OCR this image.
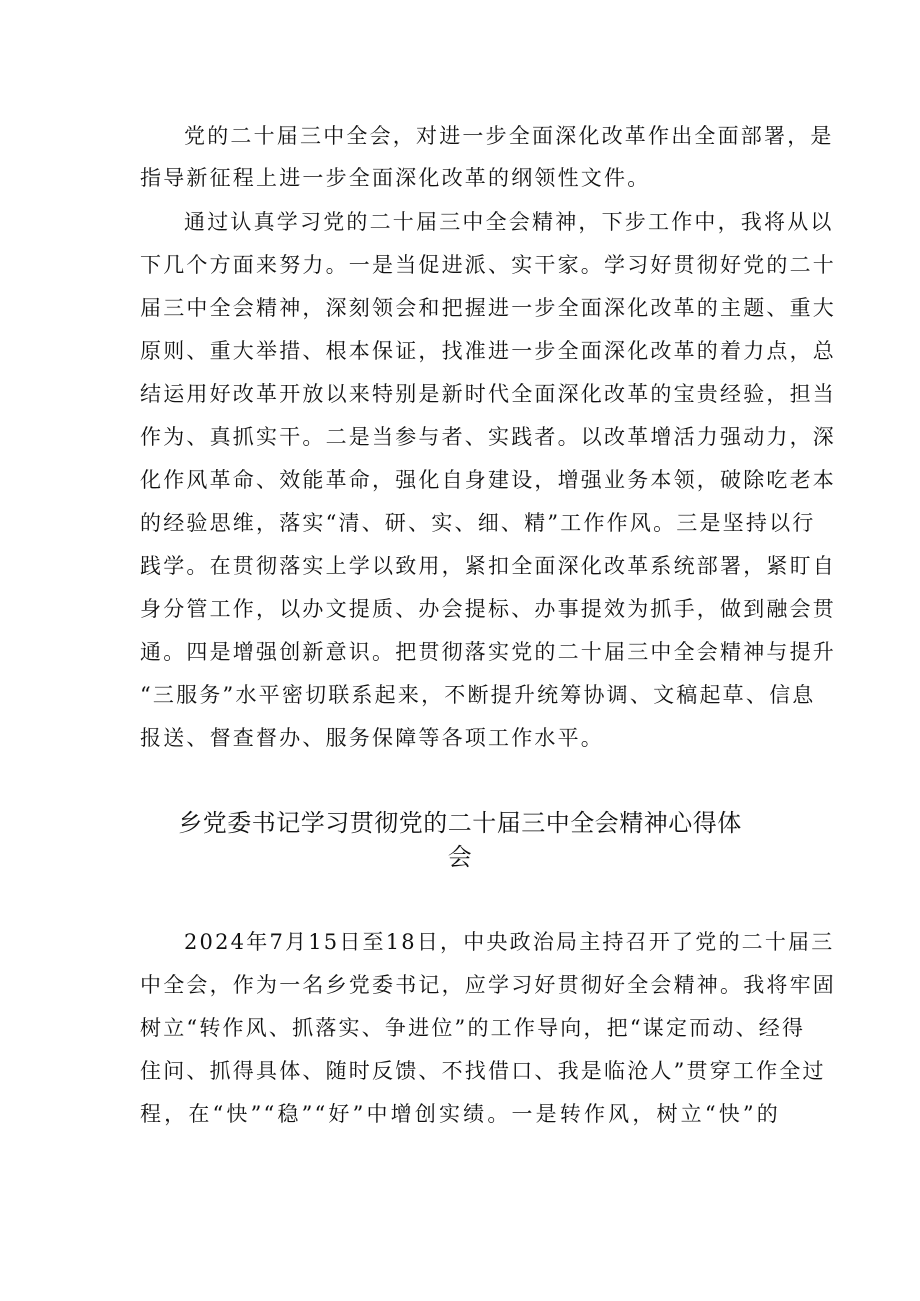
党的二十届三中全会，对进一步全面深化改革作出全面部署，是
指导新征程上进一步全面深化改革的纲领性文件。
通过认真学习党的二十届三中全会精神，下步工作中，我将从以
下几个方面来努力。一是当促进派、实干家。学习好贯彻好党的二十
届三中全会精神，深刻领会和把握进一步全面深化改革的主题、重大
原则、重大举措、根本保证，找准进一步全面深化改革的着力点，总
结运用好改革开放以来特别是新时代全面深化改革的宝贵经验，担当
作为、真抓实干。二是当参与者、实践者。以改革增活力强动力，深
化作风革命、效能革命，强化自身建设，增强业务本领，破除吃老本
的经验思维，落实“清、研、实、细、精”工作作风。三是坚持以行
践学。在贯彻落实上学以致用，紧扣全面深化改革系统部署，紧盯自
身分管工作，以办文提质、办会提标、办事提效为抓手，做到融会贯
通。四是增强创新意识。把贯彻落实党的二十届三中全会精神与提升
“三服务”水平密切联系起来，不断提升统筹协调、文稿起草、信息
报送、督查督办、服务保障等各项工作水平。
乡党委书记学习贯彻党的二十届三中全会精神心得体
会
2024年7月15日至18日，中央政治局主持召开了党的二十届三
中全会，作为一名乡党委书记，应学习好贯彻好全会精神。我将牢固
树立“转作风、抓落实、争进位”的工作导向，把“谋定而动、经得
住问、抓得具体、随时反馈、不找借口、我是临沧人”贯穿工作全过
程，在“快”“稳”“好”中增创实绩。一是转作风，树立“快”的
